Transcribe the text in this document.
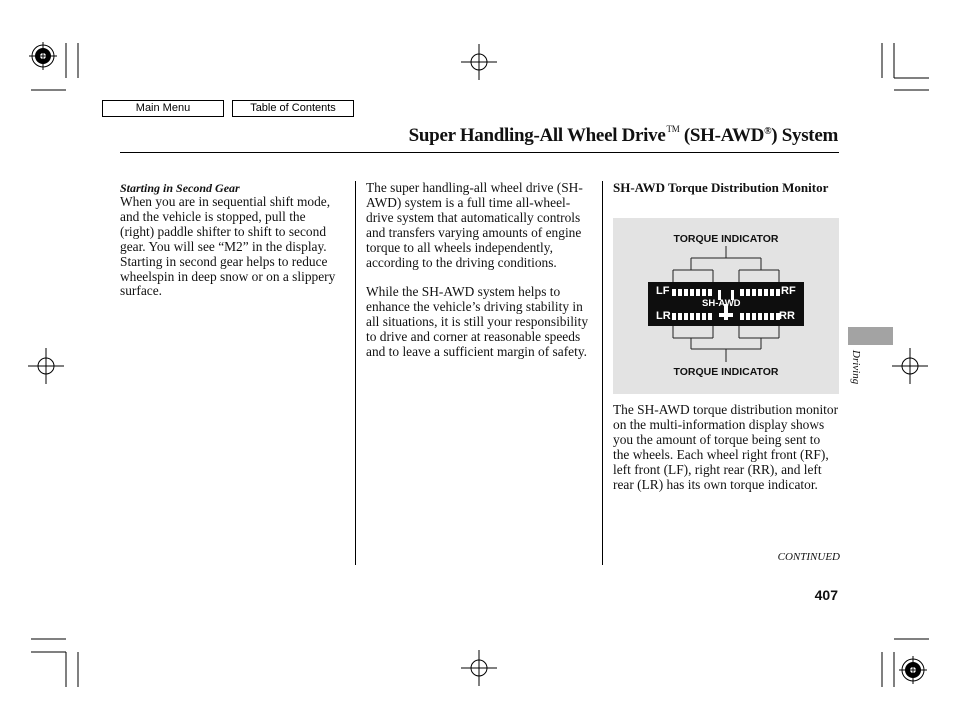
Main Menu	Table of Contents
Super Handling-All Wheel Drive™ (SH-AWD®) System

Starting in Second Gear

When you are in sequential shift mode, and the vehicle is stopped, pull the (right) paddle shifter to shift to second gear. You will see “M2” in the display. Starting in second gear helps to reduce wheelspin in deep snow or on a slippery surface.

The super handling-all wheel drive (SH-AWD) system is a full time all-wheel-drive system that automatically controls and transfers varying amounts of engine torque to all wheels independently, according to the driving conditions.

While the SH-AWD system helps to enhance the vehicle’s driving stability in all situations, it is still your responsibility to drive and corner at reasonable speeds and to leave a sufficient margin of safety.

SH-AWD Torque Distribution Monitor

TORQUE INDICATOR
LF	RF
LR	RR
SH-AWD
TORQUE INDICATOR

The SH-AWD torque distribution monitor on the multi-information display shows you the amount of torque being sent to the wheels. Each wheel right front (RF), left front (LF), right rear (RR), and left rear (LR) has its own torque indicator.

Driving
CONTINUED
407
